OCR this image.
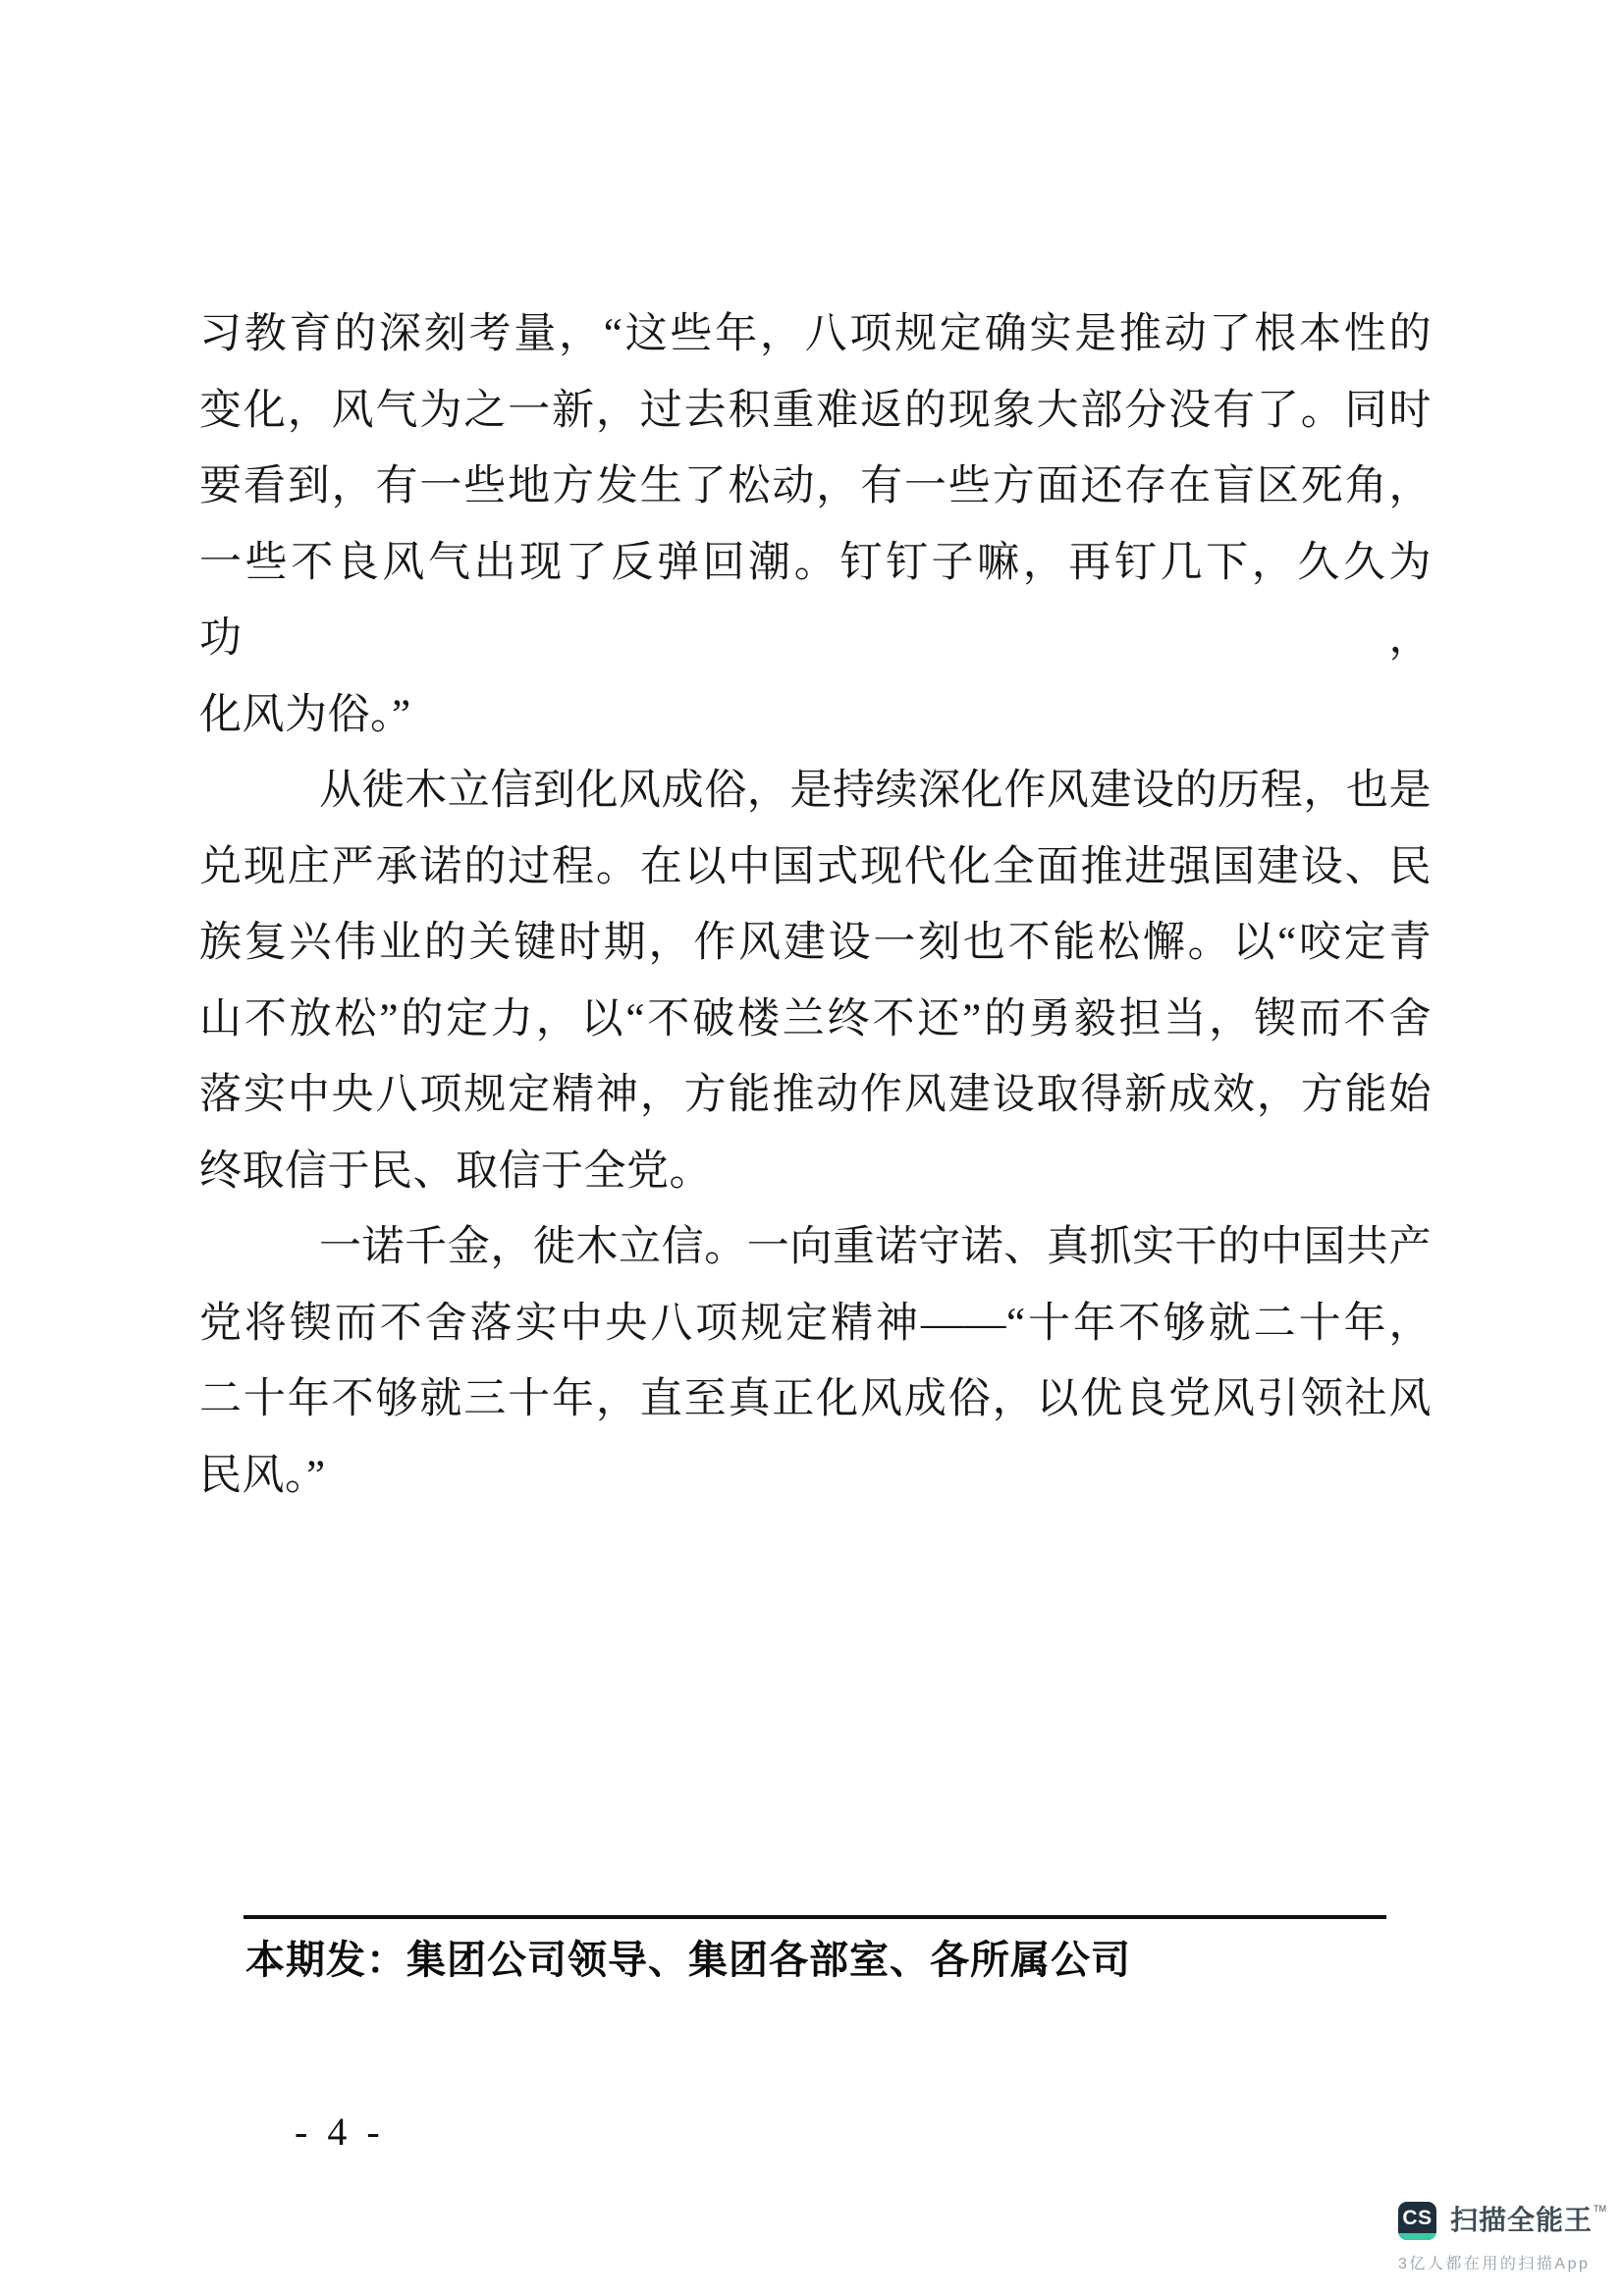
习教育的深刻考量，“这些年，八项规定确实是推动了根本性的
变化，风气为之一新，过去积重难返的现象大部分没有了。同时
要看到，有一些地方发生了松动，有一些方面还存在盲区死角，
一些不良风气出现了反弹回潮。钉钉子嘛，再钉几下，久久为功，
化风为俗。”
从徙木立信到化风成俗，是持续深化作风建设的历程，也是
兑现庄严承诺的过程。在以中国式现代化全面推进强国建设、民
族复兴伟业的关键时期，作风建设一刻也不能松懈。以“咬定青
山不放松”的定力，以“不破楼兰终不还”的勇毅担当，锲而不舍
落实中央八项规定精神，方能推动作风建设取得新成效，方能始
终取信于民、取信于全党。
一诺千金，徙木立信。一向重诺守诺、真抓实干的中国共产
党将锲而不舍落实中央八项规定精神——“十年不够就二十年，
二十年不够就三十年，直至真正化风成俗，以优良党风引领社风
民风。”
本期发：集团公司领导、集团各部室、各所属公司
- 4 -
CS 扫描全能王 TM
3亿人都在用的扫描App
